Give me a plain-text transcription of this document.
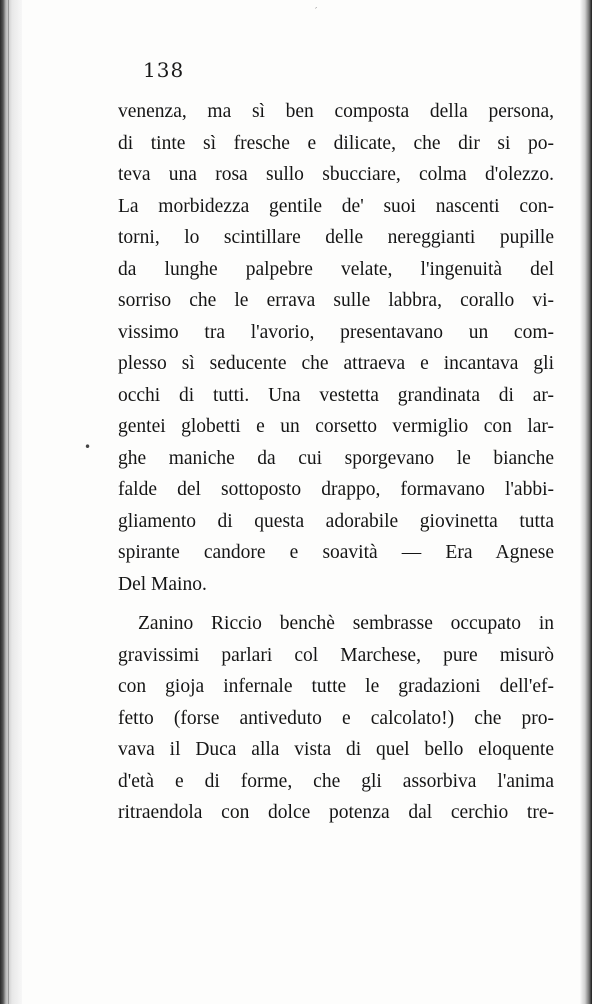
′
138
•
venenza, ma sì ben composta della persona,
di tinte sì fresche e dilicate, che dir si po-
teva una rosa sullo sbucciare, colma d'olezzo.
La morbidezza gentile de' suoi nascenti con-
torni, lo scintillare delle nereggianti pupille
da lunghe palpebre velate, l'ingenuità del
sorriso che le errava sulle labbra, corallo vi-
vissimo tra l'avorio, presentavano un com-
plesso sì seducente che attraeva e incantava gli
occhi di tutti. Una vestetta grandinata di ar-
gentei globetti e un corsetto vermiglio con lar-
ghe maniche da cui sporgevano le bianche
falde del sottoposto drappo, formavano l'abbi-
gliamento di questa adorabile giovinetta tutta
spirante candore e soavità — Era Agnese
Del Maino.
Zanino Riccio benchè sembrasse occupato in
gravissimi parlari col Marchese, pure misurò
con gioja infernale tutte le gradazioni dell'ef-
fetto (forse antiveduto e calcolato!) che pro-
vava il Duca alla vista di quel bello eloquente
d'età e di forme, che gli assorbiva l'anima
ritraendola con dolce potenza dal cerchio tre-
